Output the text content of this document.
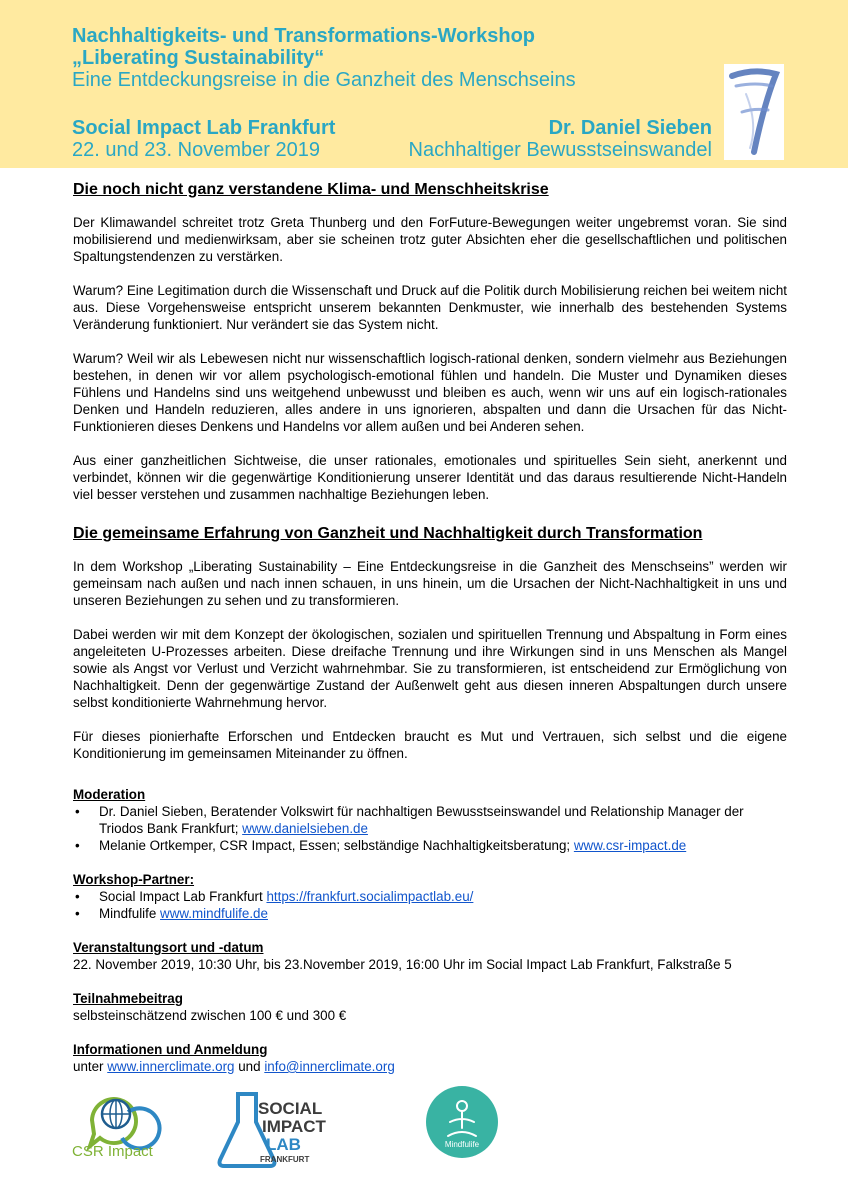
Nachhaltigkeits- und Transformations-Workshop
„Liberating Sustainability“
Eine Entdeckungsreise in die Ganzheit des Menschseins
Social Impact Lab Frankfurt
22. und 23. November 2019
Dr. Daniel Sieben
Nachhaltiger Bewusstseinswandel
Die noch nicht ganz verstandene Klima- und Menschheitskrise

Der Klimawandel schreitet trotz Greta Thunberg und den ForFuture-Bewegungen weiter ungebremst voran. Sie sind mobilisierend und medienwirksam, aber sie scheinen trotz guter Absichten eher die gesellschaftlichen und politischen Spaltungstendenzen zu verstärken.

Warum? Eine Legitimation durch die Wissenschaft und Druck auf die Politik durch Mobilisierung reichen bei weitem nicht aus. Diese Vorgehensweise entspricht unserem bekannten Denkmuster, wie innerhalb des bestehenden Systems Veränderung funktioniert. Nur verändert sie das System nicht.

Warum? Weil wir als Lebewesen nicht nur wissenschaftlich logisch-rational denken, sondern vielmehr aus Beziehungen bestehen, in denen wir vor allem psychologisch-emotional fühlen und handeln. Die Muster und Dynamiken dieses Fühlens und Handelns sind uns weitgehend unbewusst und bleiben es auch, wenn wir uns auf ein logisch-rationales Denken und Handeln reduzieren, alles andere in uns ignorieren, abspalten und dann die Ursachen für das Nicht-Funktionieren dieses Denkens und Handelns vor allem außen und bei Anderen sehen.

Aus einer ganzheitlichen Sichtweise, die unser rationales, emotionales und spirituelles Sein sieht, anerkennt und verbindet, können wir die gegenwärtige Konditionierung unserer Identität und das daraus resultierende Nicht-Handeln viel besser verstehen und zusammen nachhaltige Beziehungen leben.

Die gemeinsame Erfahrung von Ganzheit und Nachhaltigkeit durch Transformation

In dem Workshop „Liberating Sustainability – Eine Entdeckungsreise in die Ganzheit des Menschseins” werden wir gemeinsam nach außen und nach innen schauen, in uns hinein, um die Ursachen der Nicht-Nachhaltigkeit in uns und unseren Beziehungen zu sehen und zu transformieren.

Dabei werden wir mit dem Konzept der ökologischen, sozialen und spirituellen Trennung und Abspaltung in Form eines angeleiteten U-Prozesses arbeiten. Diese dreifache Trennung und ihre Wirkungen sind in uns Menschen als Mangel sowie als Angst vor Verlust und Verzicht wahrnehmbar. Sie zu transformieren, ist entscheidend zur Ermöglichung von Nachhaltigkeit. Denn der gegenwärtige Zustand der Außenwelt geht aus diesen inneren Abspaltungen durch unsere selbst konditionierte Wahrnehmung hervor.

Für dieses pionierhafte Erforschen und Entdecken braucht es Mut und Vertrauen, sich selbst und die eigene Konditionierung im gemeinsamen Miteinander zu öffnen.

Moderation
• Dr. Daniel Sieben, Beratender Volkswirt für nachhaltigen Bewusstseinswandel und Relationship Manager der Triodos Bank Frankfurt; www.danielsieben.de
• Melanie Ortkemper, CSR Impact, Essen; selbständige Nachhaltigkeitsberatung; www.csr-impact.de
Workshop-Partner:
• Social Impact Lab Frankfurt https://frankfurt.socialimpactlab.eu/
• Mindfulife www.mindfulife.de
Veranstaltungsort und -datum
22. November 2019, 10:30 Uhr, bis 23.November 2019, 16:00 Uhr im Social Impact Lab Frankfurt, Falkstraße 5
Teilnahmebeitrag
selbsteinschätzend zwischen 100 € und 300 €
Informationen und Anmeldung
unter www.innerclimate.org und info@innerclimate.org
CSR Impact
SOCIAL
IMPACT
LAB
FRANKFURT
Mindfulife
